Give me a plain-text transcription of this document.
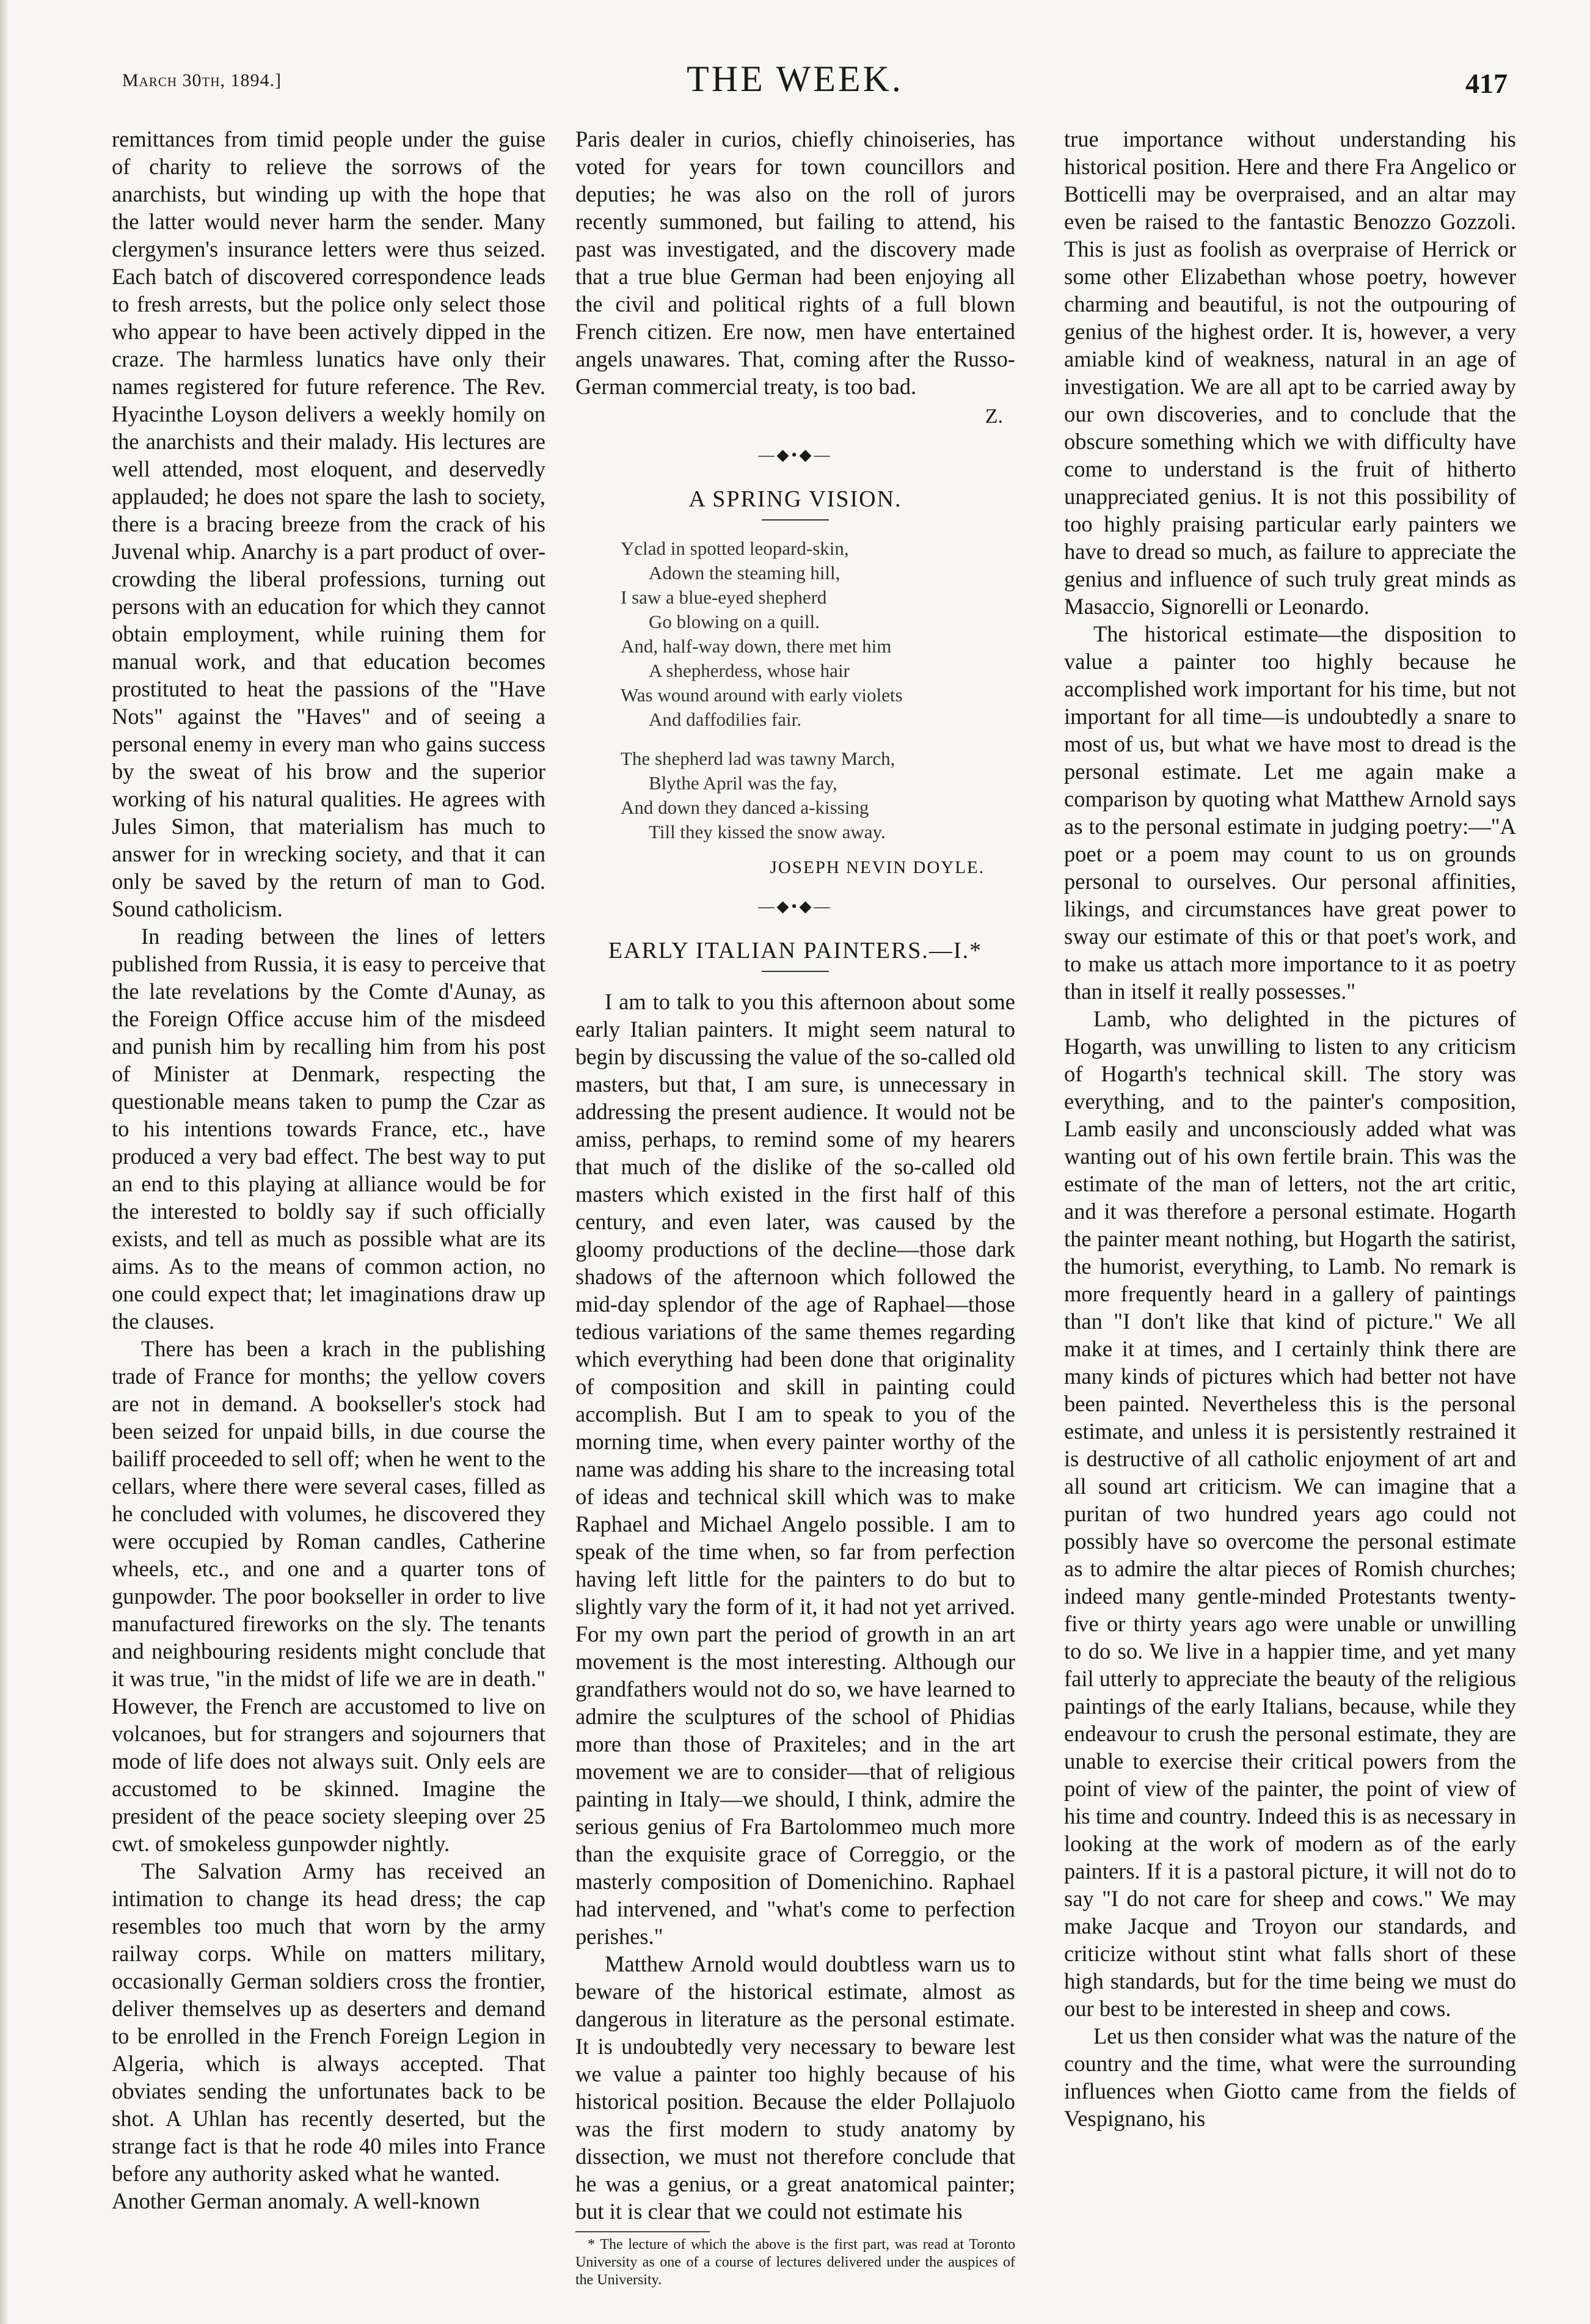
March 30th, 1894.]	THE WEEK.	417

remittances from timid people under the guise of charity to relieve the sorrows of the anarchists, but winding up with the hope that the latter would never harm the sender. Many clergymen's insurance letters were thus seized. Each batch of discovered correspondence leads to fresh arrests, but the police only select those who appear to have been actively dipped in the craze. The harmless lunatics have only their names registered for future reference. The Rev. Hyacinthe Loyson delivers a weekly homily on the anarchists and their malady. His lectures are well attended, most eloquent, and deservedly applauded; he does not spare the lash to society, there is a bracing breeze from the crack of his Juvenal whip. Anarchy is a part product of over-crowding the liberal professions, turning out persons with an education for which they cannot obtain employment, while ruining them for manual work, and that education becomes prostituted to heat the passions of the "Have Nots" against the "Haves" and of seeing a personal enemy in every man who gains success by the sweat of his brow and the superior working of his natural qualities. He agrees with Jules Simon, that materialism has much to answer for in wrecking society, and that it can only be saved by the return of man to God. Sound catholicism.

In reading between the lines of letters published from Russia, it is easy to perceive that the late revelations by the Comte d'Aunay, as the Foreign Office accuse him of the misdeed and punish him by recalling him from his post of Minister at Denmark, respecting the questionable means taken to pump the Czar as to his intentions towards France, etc., have produced a very bad effect. The best way to put an end to this playing at alliance would be for the interested to boldly say if such officially exists, and tell as much as possible what are its aims. As to the means of common action, no one could expect that; let imaginations draw up the clauses.

There has been a krach in the publishing trade of France for months; the yellow covers are not in demand. A bookseller's stock had been seized for unpaid bills, in due course the bailiff proceeded to sell off; when he went to the cellars, where there were several cases, filled as he concluded with volumes, he discovered they were occupied by Roman candles, Catherine wheels, etc., and one and a quarter tons of gunpowder. The poor bookseller in order to live manufactured fireworks on the sly. The tenants and neighbouring residents might conclude that it was true, "in the midst of life we are in death." However, the French are accustomed to live on volcanoes, but for strangers and sojourners that mode of life does not always suit. Only eels are accustomed to be skinned. Imagine the president of the peace society sleeping over 25 cwt. of smokeless gunpowder nightly.

The Salvation Army has received an intimation to change its head dress; the cap resembles too much that worn by the army railway corps. While on matters military, occasionally German soldiers cross the frontier, deliver themselves up as deserters and demand to be enrolled in the French Foreign Legion in Algeria, which is always accepted. That obviates sending the unfortunates back to be shot. A Uhlan has recently deserted, but the strange fact is that he rode 40 miles into France before any authority asked what he wanted.

Another German anomaly. A well-known

Paris dealer in curios, chiefly chinoiseries, has voted for years for town councillors and deputies; he was also on the roll of jurors recently summoned, but failing to attend, his past was investigated, and the discovery made that a true blue German had been enjoying all the civil and political rights of a full blown French citizen. Ere now, men have entertained angels unawares. That, coming after the Russo-German commercial treaty, is too bad.

Z.
—◆•◆—
A SPRING VISION.
Yclad in spotted leopard-skin,
Adown the steaming hill,
I saw a blue-eyed shepherd
Go blowing on a quill.
And, half-way down, there met him
A shepherdess, whose hair
Was wound around with early violets
And daffodilies fair.
The shepherd lad was tawny March,
Blythe April was the fay,
And down they danced a-kissing
Till they kissed the snow away.
JOSEPH NEVIN DOYLE.
—◆•◆—
EARLY ITALIAN PAINTERS.—I.*

I am to talk to you this afternoon about some early Italian painters. It might seem natural to begin by discussing the value of the so-called old masters, but that, I am sure, is unnecessary in addressing the present audience. It would not be amiss, perhaps, to remind some of my hearers that much of the dislike of the so-called old masters which existed in the first half of this century, and even later, was caused by the gloomy productions of the decline—those dark shadows of the afternoon which followed the mid-day splendor of the age of Raphael—those tedious variations of the same themes regarding which everything had been done that originality of composition and skill in painting could accomplish. But I am to speak to you of the morning time, when every painter worthy of the name was adding his share to the increasing total of ideas and technical skill which was to make Raphael and Michael Angelo possible. I am to speak of the time when, so far from perfection having left little for the painters to do but to slightly vary the form of it, it had not yet arrived. For my own part the period of growth in an art movement is the most interesting. Although our grandfathers would not do so, we have learned to admire the sculptures of the school of Phidias more than those of Praxiteles; and in the art movement we are to consider—that of religious painting in Italy—we should, I think, admire the serious genius of Fra Bartolommeo much more than the exquisite grace of Correggio, or the masterly composition of Domenichino. Raphael had intervened, and "what's come to perfection perishes."

Matthew Arnold would doubtless warn us to beware of the historical estimate, almost as dangerous in literature as the personal estimate. It is undoubtedly very necessary to beware lest we value a painter too highly because of his historical position. Because the elder Pollajuolo was the first modern to study anatomy by dissection, we must not therefore conclude that he was a genius, or a great anatomical painter; but it is clear that we could not estimate his

* The lecture of which the above is the first part, was read at Toronto University as one of a course of lectures delivered under the auspices of the University.

true importance without understanding his historical position. Here and there Fra Angelico or Botticelli may be overpraised, and an altar may even be raised to the fantastic Benozzo Gozzoli. This is just as foolish as overpraise of Herrick or some other Elizabethan whose poetry, however charming and beautiful, is not the outpouring of genius of the highest order. It is, however, a very amiable kind of weakness, natural in an age of investigation. We are all apt to be carried away by our own discoveries, and to conclude that the obscure something which we with difficulty have come to understand is the fruit of hitherto unappreciated genius. It is not this possibility of too highly praising particular early painters we have to dread so much, as failure to appreciate the genius and influence of such truly great minds as Masaccio, Signorelli or Leonardo.

The historical estimate—the disposition to value a painter too highly because he accomplished work important for his time, but not important for all time—is undoubtedly a snare to most of us, but what we have most to dread is the personal estimate. Let me again make a comparison by quoting what Matthew Arnold says as to the personal estimate in judging poetry:—"A poet or a poem may count to us on grounds personal to ourselves. Our personal affinities, likings, and circumstances have great power to sway our estimate of this or that poet's work, and to make us attach more importance to it as poetry than in itself it really possesses."

Lamb, who delighted in the pictures of Hogarth, was unwilling to listen to any criticism of Hogarth's technical skill. The story was everything, and to the painter's composition, Lamb easily and unconsciously added what was wanting out of his own fertile brain. This was the estimate of the man of letters, not the art critic, and it was therefore a personal estimate. Hogarth the painter meant nothing, but Hogarth the satirist, the humorist, everything, to Lamb. No remark is more frequently heard in a gallery of paintings than "I don't like that kind of picture." We all make it at times, and I certainly think there are many kinds of pictures which had better not have been painted. Nevertheless this is the personal estimate, and unless it is persistently restrained it is destructive of all catholic enjoyment of art and all sound art criticism. We can imagine that a puritan of two hundred years ago could not possibly have so overcome the personal estimate as to admire the altar pieces of Romish churches; indeed many gentle-minded Protestants twenty-five or thirty years ago were unable or unwilling to do so. We live in a happier time, and yet many fail utterly to appreciate the beauty of the religious paintings of the early Italians, because, while they endeavour to crush the personal estimate, they are unable to exercise their critical powers from the point of view of the painter, the point of view of his time and country. Indeed this is as necessary in looking at the work of modern as of the early painters. If it is a pastoral picture, it will not do to say "I do not care for sheep and cows." We may make Jacque and Troyon our standards, and criticize without stint what falls short of these high standards, but for the time being we must do our best to be interested in sheep and cows.

Let us then consider what was the nature of the country and the time, what were the surrounding influences when Giotto came from the fields of Vespignano, his
